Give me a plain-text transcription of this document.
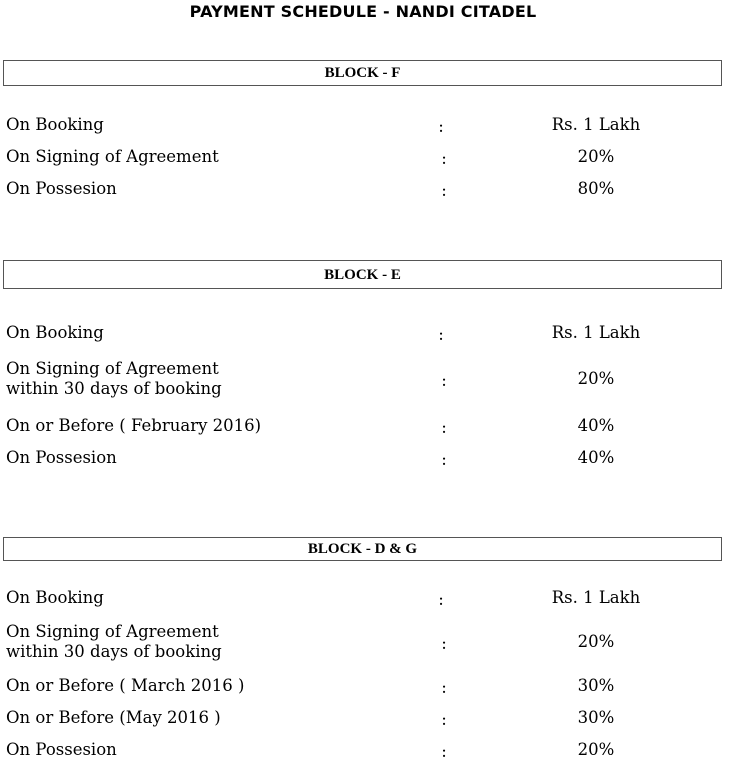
PAYMENT SCHEDULE - NANDI CITADEL
BLOCK - F
On Booking	:	Rs. 1 Lakh
On Signing of Agreement	:	20%
On Possesion	:	80%
BLOCK - E
On Booking	:	Rs. 1 Lakh
On Signing of Agreement
within 30 days of booking	:	20%
On or Before ( February 2016)	:	40%
On Possesion	:	40%
BLOCK - D & G
On Booking	:	Rs. 1 Lakh
On Signing of Agreement
within 30 days of booking	:	20%
On or Before ( March 2016 )	:	30%
On or Before (May 2016 )	:	30%
On Possesion	:	20%
